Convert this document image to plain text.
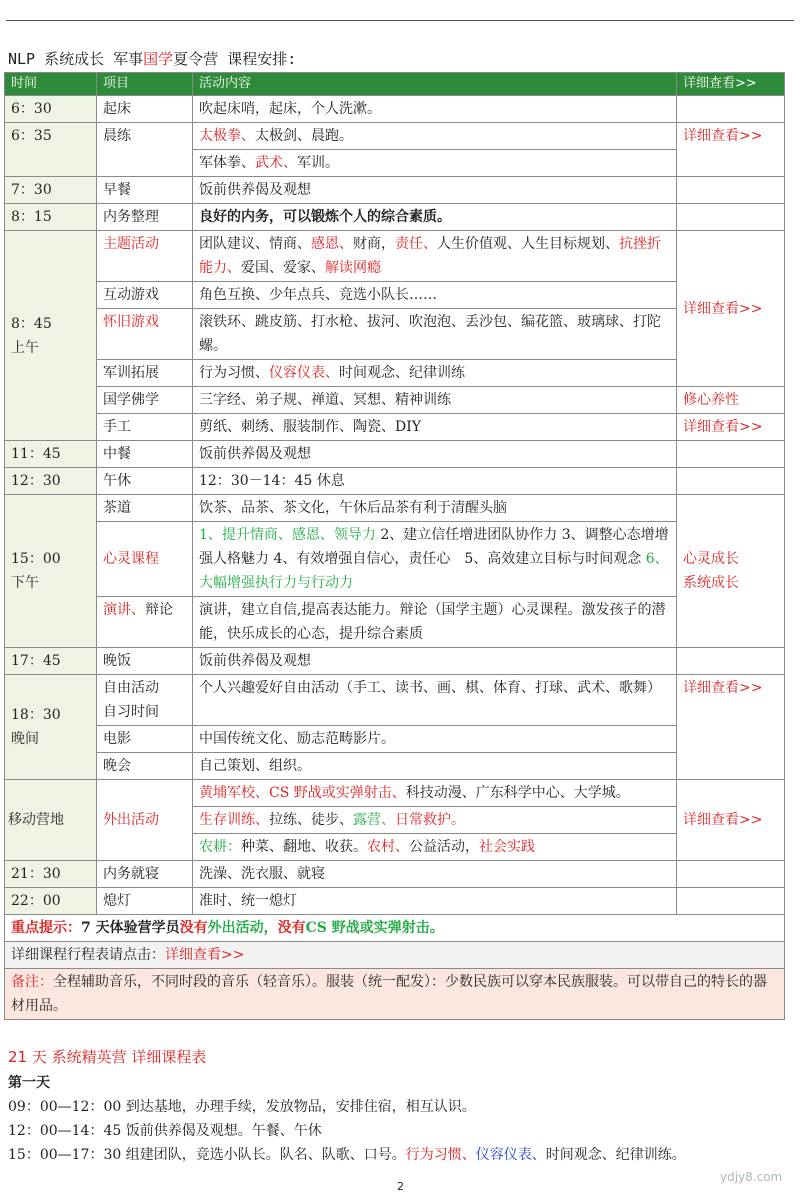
NLP 系统成长 军事国学夏令营 课程安排:
时间	项目	活动内容	详细查看>>
6：30	起床	吹起床哨，起床，个人洗漱。	
6：35	晨练	太极拳、太极剑、晨跑。	详细查看>>
		军体拳、武术、军训。	
7：30	早餐	饭前供养偈及观想	
8：15	内务整理	良好的内务，可以锻炼个人的综合素质。	
8：45
上午	主题活动	团队建议、情商、感恩、财商，责任、人生价值观、人生目标规划、抗挫折能力、爱国、爱家、解读网瘾	详细查看>>
	互动游戏	角色互换、少年点兵、竞选小队长……	
	怀旧游戏	滚铁环、跳皮筋、打水枪、拔河、吹泡泡、丢沙包、编花篮、玻璃球、打陀螺。	
	军训拓展	行为习惯、仪容仪表、时间观念、纪律训练	
	国学佛学	三字经、弟子规、禅道、冥想、精神训练	修心养性
	手工	剪纸、刺绣、服装制作、陶瓷、DIY	详细查看>>
11：45	中餐	饭前供养偈及观想	
12：30	午休	12：30－14：45 休息	
15：00
下午	茶道	饮茶、品茶、茶文化，午休后品茶有利于清醒头脑	心灵成长
系统成长
	心灵课程	1、提升情商、感恩、领导力 2、建立信任增进团队协作力 3、调整心态增增强人格魅力 4、有效增强自信心，责任心　5、高效建立目标与时间观念 6、大幅增强执行力与行动力	
	演讲、辩论	演讲，建立自信,提高表达能力。辩论（国学主题）心灵课程。激发孩子的潜能，快乐成长的心态，提升综合素质	
17：45	晚饭	饭前供养偈及观想	
18：30
晚间	自由活动
自习时间	个人兴趣爱好自由活动（手工、读书、画、棋、体育、打球、武术、歌舞）	详细查看>>
	电影	中国传统文化、励志范畴影片。	
	晚会	自己策划、组织。	
移动营地	外出活动	黄埔军校、CS 野战或实弹射击、科技动漫、广东科学中心、大学城。	详细查看>>
		生存训练、拉练、徒步、露营、日常救护。	
		农耕：种菜、翻地、收获。农村、公益活动，社会实践	
21：30	内务就寝	洗澡、洗衣服、就寝	
22：00	熄灯	准时、统一熄灯	
重点提示：7 天体验营学员没有外出活动，没有CS 野战或实弹射击。			
详细课程行程表请点击：详细查看>>			
备注：全程辅助音乐，不同时段的音乐（轻音乐）。服装（统一配发）：少数民族可以穿本民族服装。可以带自己的特长的器材用品。			
21 天 系统精英营 详细课程表
第一天
09：00—12：00 到达基地，办理手续，发放物品，安排住宿，相互认识。
12：00—14：45 饭前供养偈及观想。午餐、午休
15：00—17：30 组建团队，竞选小队长。队名、队歌、口号。行为习惯、仪容仪表、时间观念、纪律训练。
ydjy8.com
2
